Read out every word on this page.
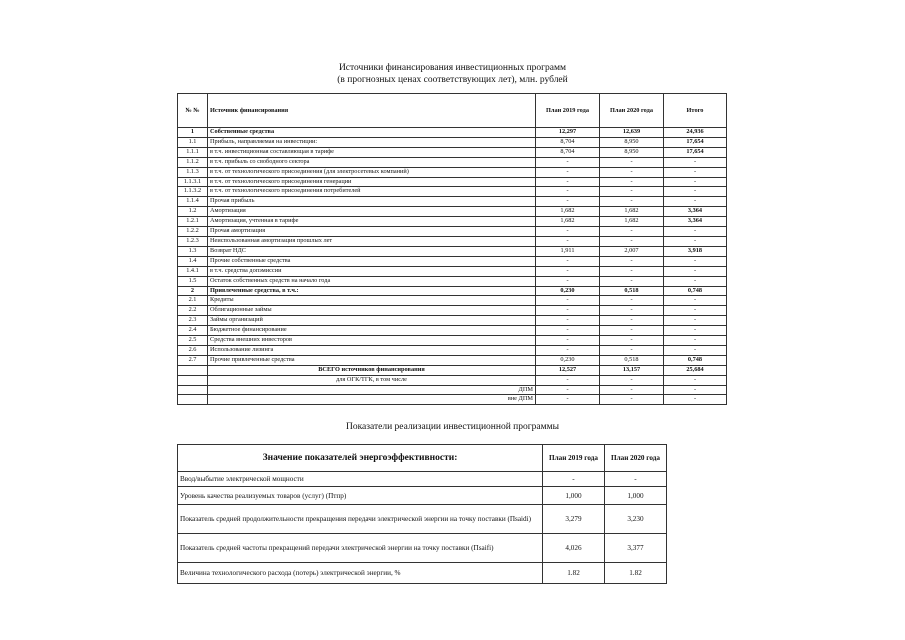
Источники финансирования инвестиционных программ
(в прогнозных ценах соответствующих лет), млн. рублей
№ №	Источник финансирования	План 2019 года	План 2020 года	Итого
1	Собственные средства	12,297	12,639	24,936
1.1	Прибыль, направляемая на инвестиции:	8,704	8,950	17,654
1.1.1	в т.ч. инвестиционная составляющая в тарифе	8,704	8,950	17,654
1.1.2	в т.ч. прибыль со свободного сектора	-	-	-
1.1.3	в т.ч. от технологического присоединения (для электросетевых компаний)	-	-	-
1.1.3.1	в т.ч. от технологического присоединения генерации	-	-	-
1.1.3.2	в т.ч. от технологического присоединения потребителей	-	-	-
1.1.4	Прочая прибыль	-	-	-
1.2	Амортизация	1,682	1,682	3,364
1.2.1	Амортизация, учтенная в тарифе	1,682	1,682	3,364
1.2.2	Прочая амортизация	-	-	-
1.2.3	Неиспользованная амортизация прошлых лет	-	-	-
1.3	Возврат НДС	1,911	2,007	3,918
1.4	Прочие собственные средства	-	-	-
1.4.1	в т.ч. средства допэмиссии	-	-	-
1.5	Остаток собственных средств на начало года	-	-	-
2	Привлеченные средства, в т.ч.:	0,230	0,518	0,748
2.1	Кредиты	-	-	-
2.2	Облигационные займы	-	-	-
2.3	Займы организаций	-	-	-
2.4	Бюджетное финансирование	-	-	-
2.5	Средства внешних инвесторов	-	-	-
2.6	Использование лизинга	-	-	-
2.7	Прочие привлеченные средства	0,230	0,518	0,748
	ВСЕГО источников финансирования	12,527	13,157	25,684
	для ОГК/ТГК, в том числе	-	-	-
	ДПМ	-	-	-
	вне ДПМ	-	-	-
Показатели реализации инвестиционной программы
Значение показателей энергоэффективности:	План 2019 года	План 2020 года
Ввод/выбытие электрической мощности	-	-
Уровень качества реализуемых товаров (услуг) (Птпр)	1,000	1,000
Показатель средней продолжительности прекращения передачи электрической энергии на точку поставки (Пsaidi)	3,279	3,230
Показатель средней частоты прекращений передачи электрической энергии на точку поставки (Пsaifi)	4,026	3,377
Величина технологического расхода (потерь) электрической энергии, %	1.82	1.82
